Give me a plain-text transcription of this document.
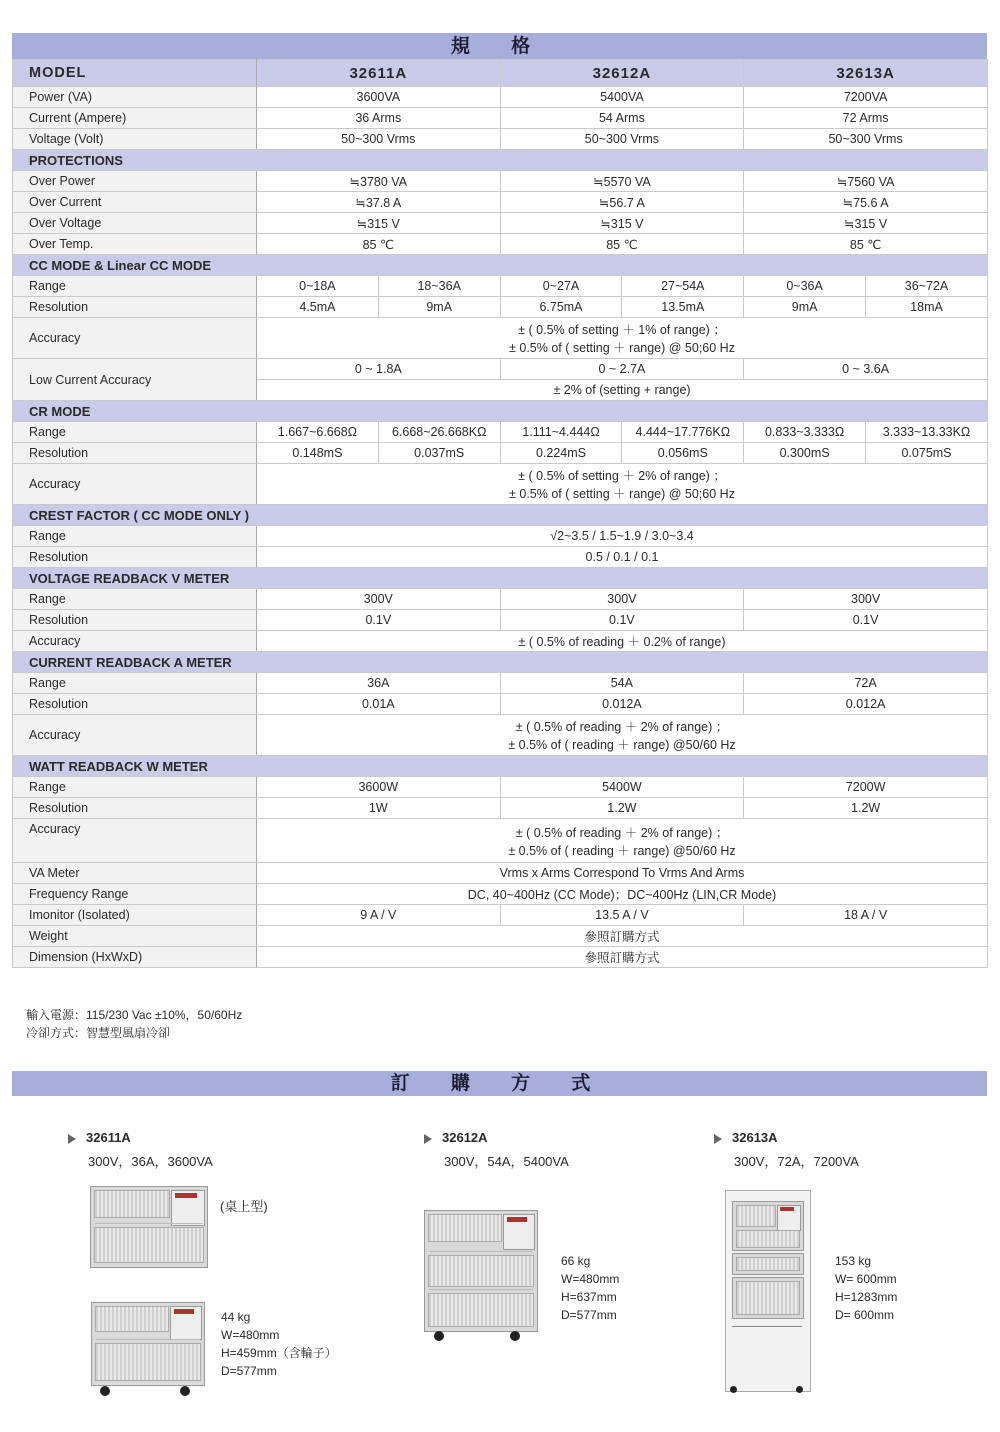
規 格
MODEL	32611A		32612A		32613A	
Power (VA)	3600VA		5400VA		7200VA	
Current (Ampere)	36 Arms		54 Arms		72 Arms	
Voltage (Volt)	50~300 Vrms		50~300 Vrms		50~300 Vrms	
PROTECTIONS						
Over Power	≒3780 VA		≒5570 VA		≒7560 VA	
Over Current	≒37.8 A		≒56.7 A		≒75.6 A	
Over Voltage	≒315 V		≒315 V		≒315 V	
Over Temp.	85 ℃		85 ℃		85 ℃	
CC MODE & Linear CC MODE						
Range	0~18A	18~36A	0~27A	27~54A	0~36A	36~72A
Resolution	4.5mA	9mA	6.75mA	13.5mA	9mA	18mA
Accuracy	± ( 0.5% of setting ＋ 1% of range) ；
± 0.5% of ( setting ＋ range) @ 50;60 Hz					

Low Current Accuracy	0 ~ 1.8A		0 ~ 2.7A		0 ~ 3.6A	
	± 2% of (setting + range)					
CR MODE						
Range	1.667~6.668Ω	6.668~26.668KΩ	1.111~4.444Ω	4.444~17.776KΩ	0.833~3.333Ω	3.333~13.33KΩ
Resolution	0.148mS	0.037mS	0.224mS	0.056mS	0.300mS	0.075mS
Accuracy	± ( 0.5% of setting ＋ 2% of range) ；
± 0.5% of ( setting ＋ range) @ 50;60 Hz					

CREST FACTOR ( CC MODE ONLY )						
Range	√2~3.5 / 1.5~1.9 / 3.0~3.4					
Resolution	0.5 / 0.1 / 0.1					
VOLTAGE READBACK V METER						
Range	300V		300V		300V	
Resolution	0.1V		0.1V		0.1V	
Accuracy	± ( 0.5% of reading ＋ 0.2% of range)					
CURRENT READBACK A METER						
Range	36A		54A		72A	
Resolution	0.01A		0.012A		0.012A	
Accuracy	± ( 0.5% of reading ＋ 2% of range) ；
± 0.5% of ( reading ＋ range) @50/60 Hz					

WATT READBACK W METER						
Range	3600W		5400W		7200W	
Resolution	1W		1.2W		1.2W	
Accuracy	± ( 0.5% of reading ＋ 2% of range) ；
± 0.5% of ( reading ＋ range) @50/60 Hz					

VA Meter	Vrms x Arms Correspond To Vrms And Arms					
Frequency Range	DC, 40~400Hz (CC Mode)；DC~400Hz (LIN,CR Mode)					
Imonitor (Isolated)	9 A / V		13.5 A / V		18 A / V	
Weight	參照訂購方式					
Dimension (HxWxD)	參照訂購方式					
輸入電源：115/230 Vac ±10%，50/60Hz
冷卻方式：智慧型風扇冷卻
訂 購 方 式
32611A
300V，36A，3600VA
(桌上型)
44 kg
W=480mm
H=459mm（含輪子）
D=577mm
32612A
300V，54A，5400VA
66 kg
W=480mm
H=637mm
D=577mm
32613A
300V，72A，7200VA
153 kg
W= 600mm
H=1283mm
D= 600mm
